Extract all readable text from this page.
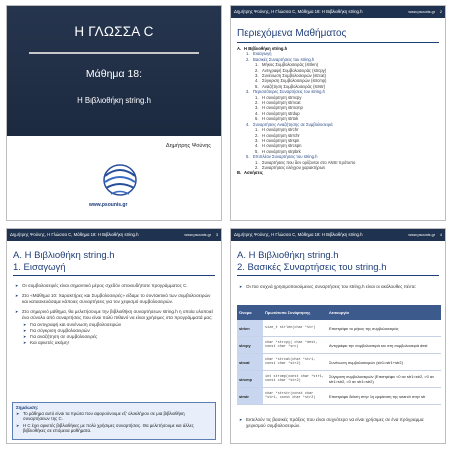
Η ΓΛΩΣΣΑ C
Μάθημα 18:
Η Βιβλιοθήκη string.h
Δημήτρης Ψούνης
www.psounis.gr
Δημήτρης Ψούνης, Η Γλώσσα C, Μάθημα 18: Η Βιβλιοθήκη string.h	www.psounis.gr 2
Περιεχόμενα Μαθήματος
Α. Η Βιβλιοθήκη string.h
1. Εισαγωγή
2. Βασικές Συναρτήσεις του string.h
1. Μήκος Συμβολοσειράς (strlen)
2. Αντιγραφή Συμβολοσειράς (strcpy)
3. Συνένωση Συμβολοσειρών (strcat)
4. Σύγκριση Συμβολοσειρών (strcmp)
5. Αναζήτηση Συμβολοσειράς (strstr)
3. Περισσότερες Συναρτήσεις του string.h
1. Η συνάρτηση strncpy
2. Η συνάρτηση strncat
3. Η συνάρτηση strncmp
4. Η συνάρτηση strdup
5. Η συνάρτηση strtok
4. Συναρτήσεις Αναζήτησης σε Συμβολοσειρά
1. Η συνάρτηση strchr
2. Η συνάρτηση strrchr
3. Η συνάρτηση strspn
4. Η συνάρτηση strcspn
5. Η συνάρτηση strpbrk
5. Επιπλέον Συναρτήσεις του string.h
1. Συναρτήσεις που δεν ορίζονται στο ANSI πρότυπο
2. Συναρτήσεις ελέγχου χαρακτήρων
Β. Ασκήσεις
Δημήτρης Ψούνης, Η Γλώσσα C, Μάθημα 18: Η Βιβλιοθήκη string.h	www.psounis.gr 3
Α. Η Βιβλιοθήκη string.h
1. Εισαγωγή
➤ Οι συμβολοσειρές είναι σημαντικό μέρος σχεδόν οποιουδήποτε προγράμματος C.
➤ Στο «Μάθημα 10: Χαρακτήρες και Συμβολοσειρές» είδαμε το συντακτικό των συμβολοσειρών και κατασκευάσαμε κάποιες συναρτήσεις για τον χειρισμό συμβολοσειρών.
➤ Στο σημερινό μάθημα, θα μελετήσουμε την βιβλιοθήκη συναρτήσεων string.h η οποία υλοποιεί ένα σύνολο από συναρτήσεις που είναι πολύ πιθανό να είναι χρήσιμες στα προγράμματά μας:
➤ Για αντιγραφή και συνένωση συμβολοσειρών
➤ Για σύγκριση συμβολοσειρών
➤ Για αναζήτηση σε συμβολοσειρές
➤ Και αρκετές ακόμη!
Σημείωση:
➤ Το μάθημα αυτό είναι τα πρώτα που αφορούνουμε εξ' ολοκλήρου σε μια βιβλιοθήκη συναρτήσεων της C.
➤ Η C έχει αρκετές βιβλιοθήκες με πολύ χρήσιμες συναρτήσεις. Θα μελετήσουμε και άλλες βιβλιοθήκες σε επόμενα μαθήματα.
Δημήτρης Ψούνης, Η Γλώσσα C, Μάθημα 18: Η Βιβλιοθήκη string.h	www.psounis.gr 4
Α. Η Βιβλιοθήκη string.h
2. Βασικές Συναρτήσεις του string.h
➤ Οι πιο συχνά χρησιμοποιούμενες συναρτήσεις του string.h είναι οι ακόλουθες πέντε:
Όνομα	Πρωτότυπο Συνάρτησης	Λειτουργία
strlen	size_t strlen(char *str)	Επιστρέφει το μήκος της συμβολοσειράς
strcpy	char *strcpy( char *dest, const char *src)	Αντιγράφει την συμβολοσειρά src στη συμβολοσειρά dest
strcat	char *strcat(char *str1, const char *str2)	Συνένωση συμβολοσειρών (str1=str1+str2)
strcmp	int strcmp(const char *str1, const char *str2)	Σύγκριση συμβολοσειρών (Επιστρέφει <0 αν str1<str2, >0 αν str1>str2, =0 αν str1=str2)
strstr	char *strstr(const char *str1, const char *str2)	Επιστρέφει δείκτη στην 1η εμφάνιση της search στην str
➤ Εκτελούν τις βασικές πράξεις που είναι συχνότερο να είναι χρήσιμες σε ένα πρόγραμμα χειρισμού συμβολοσειρών.
